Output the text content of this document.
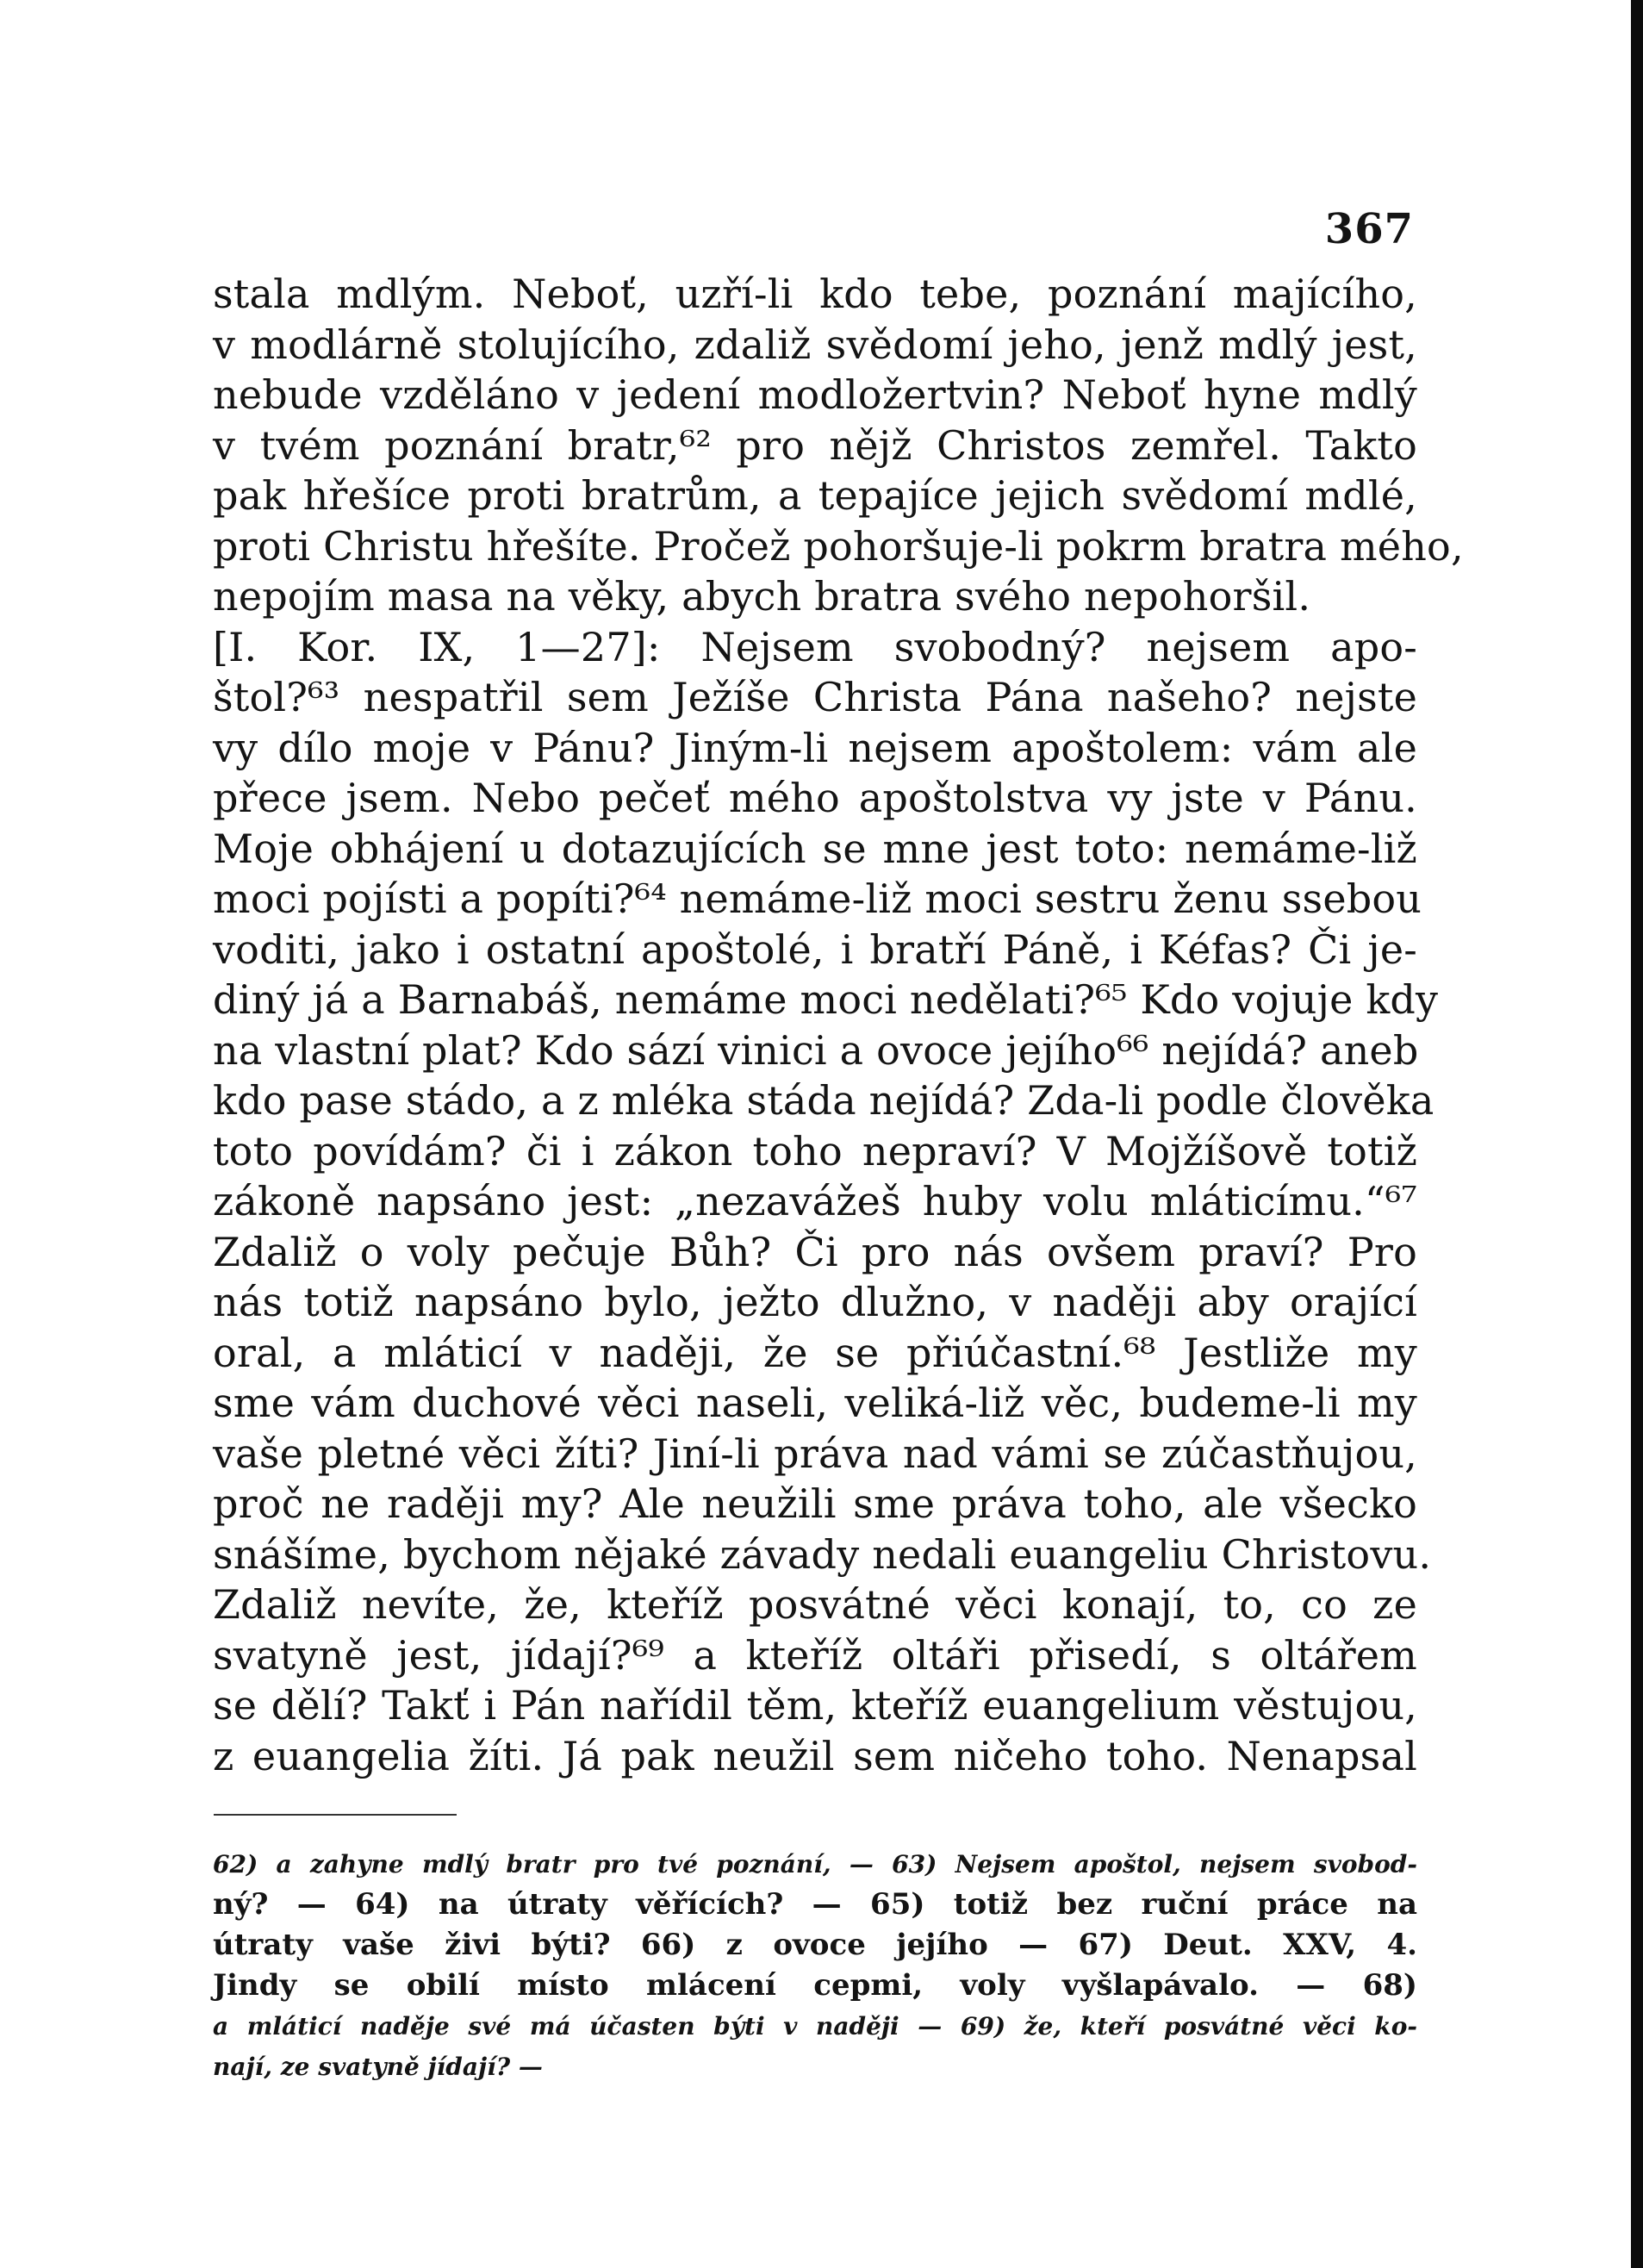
367
stala mdlým. Neboť, uzří-li kdo tebe, poznání majícího,
v modlárně stolujícího, zdaliž svědomí jeho, jenž mdlý jest,
nebude vzděláno v jedení modložertvin? Neboť hyne mdlý
v tvém poznání bratr,⁶² pro nějž Christos zemřel. Takto
pak hřešíce proti bratrům, a tepajíce jejich svědomí mdlé,
proti Christu hřešíte. Pročež pohoršuje-li pokrm bratra mého,
nepojím masa na věky, abych bratra svého nepohoršil.
[I. Kor. IX, 1—27]: Nejsem svobodný? nejsem apo-
štol?⁶³ nespatřil sem Ježíše Christa Pána našeho? nejste
vy dílo moje v Pánu? Jiným-li nejsem apoštolem: vám ale
přece jsem. Nebo pečeť mého apoštolstva vy jste v Pánu.
Moje obhájení u dotazujících se mne jest toto: nemáme-liž
moci pojísti a popíti?⁶⁴ nemáme-liž moci sestru ženu ssebou
voditi, jako i ostatní apoštolé, i bratří Páně, i Kéfas? Či je-
diný já a Barnabáš, nemáme moci nedělati?⁶⁵ Kdo vojuje kdy
na vlastní plat? Kdo sází vinici a ovoce jejího⁶⁶ nejídá? aneb
kdo pase stádo, a z mléka stáda nejídá? Zda-li podle člověka
toto povídám? či i zákon toho nepraví? V Mojžíšově totiž
zákoně napsáno jest: „nezavážeš huby volu mláticímu.“⁶⁷
Zdaliž o voly pečuje Bůh? Či pro nás ovšem praví? Pro
nás totiž napsáno bylo, ježto dlužno, v naději aby orající
oral, a mláticí v naději, že se přiúčastní.⁶⁸ Jestliže my
sme vám duchové věci naseli, veliká-liž věc, budeme-li my
vaše pletné věci žíti? Jiní-li práva nad vámi se zúčastňujou,
proč ne raději my? Ale neužili sme práva toho, ale všecko
snášíme, bychom nějaké závady nedali euangeliu Christovu.
Zdaliž nevíte, že, kteříž posvátné věci konají, to, co ze
svatyně jest, jídají?⁶⁹ a kteříž oltáři přisedí, s oltářem
se dělí? Takť i Pán nařídil těm, kteříž euangelium věstujou,
z euangelia žíti. Já pak neužil sem ničeho toho. Nenapsal
62) a zahyne mdlý bratr pro tvé poznání, — 63) Nejsem apoštol, nejsem svobod-
ný? — 64) na útraty věřících? — 65) totiž bez ruční práce na
útraty vaše živi býti? 66) z ovoce jejího — 67) Deut. XXV, 4.
Jindy se obilí místo mlácení cepmi, voly vyšlapávalo. — 68)
a mláticí naděje své má účasten býti v naději — 69) že, kteří posvátné věci ko-
nají, ze svatyně jídají? —
